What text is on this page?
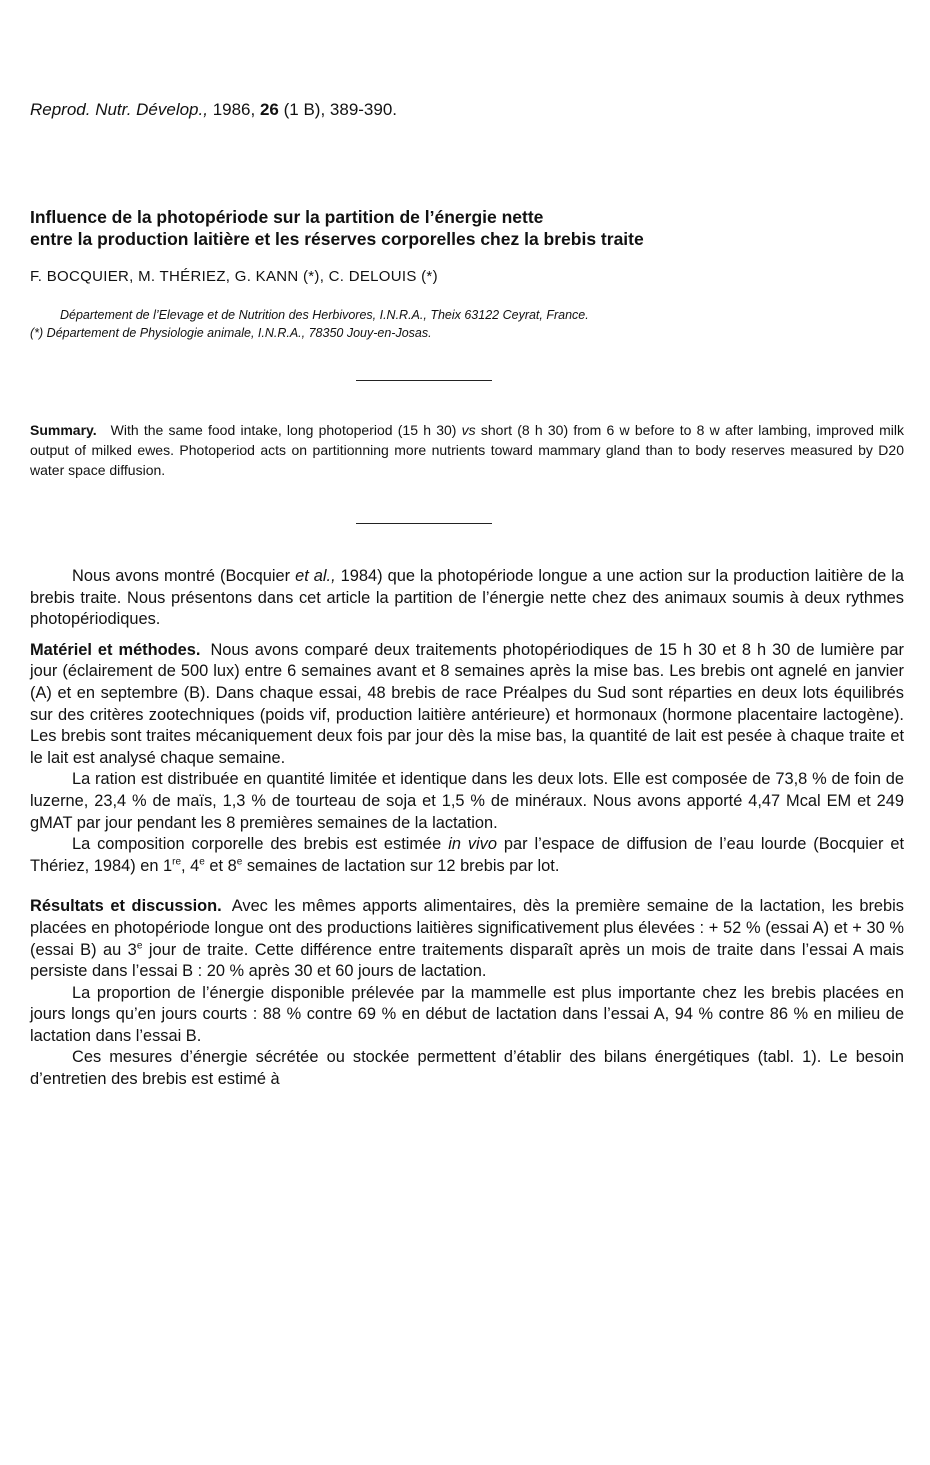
Reprod. Nutr. Dévelop., 1986, 26 (1 B), 389-390.
Influence de la photopériode sur la partition de l’énergie nette
entre la production laitière et les réserves corporelles chez la brebis traite
F. BOCQUIER, M. THÉRIEZ, G. KANN (*), C. DELOUIS (*)
Département de l’Elevage et de Nutrition des Herbivores, I.N.R.A., Theix 63122 Ceyrat, France.
(*) Département de Physiologie animale, I.N.R.A., 78350 Jouy-en-Josas.
Summary. With the same food intake, long photoperiod (15 h 30) vs short (8 h 30) from 6 w before to 8 w after lambing, improved milk output of milked ewes. Photoperiod acts on partitionning more nutrients toward mammary gland than to body reserves measured by D20 water space diffusion.

Nous avons montré (Bocquier et al., 1984) que la photopériode longue a une action sur la production laitière de la brebis traite. Nous présentons dans cet article la partition de l’énergie nette chez des animaux soumis à deux rythmes photopériodiques.

Matériel et méthodes. Nous avons comparé deux traitements photopériodiques de 15 h 30 et 8 h 30 de lumière par jour (éclairement de 500 lux) entre 6 semaines avant et 8 semaines après la mise bas. Les brebis ont agnelé en janvier (A) et en septembre (B). Dans chaque essai, 48 brebis de race Préalpes du Sud sont réparties en deux lots équilibrés sur des critères zootechniques (poids vif, production laitière antérieure) et hormonaux (hormone placentaire lactogène). Les brebis sont traites mécaniquement deux fois par jour dès la mise bas, la quantité de lait est pesée à chaque traite et le lait est analysé chaque semaine.

La ration est distribuée en quantité limitée et identique dans les deux lots. Elle est composée de 73,8 % de foin de luzerne, 23,4 % de maïs, 1,3 % de tourteau de soja et 1,5 % de minéraux. Nous avons apporté 4,47 Mcal EM et 249 gMAT par jour pendant les 8 premières semaines de la lactation.

La composition corporelle des brebis est estimée in vivo par l’espace de diffusion de l’eau lourde (Bocquier et Thériez, 1984) en 1re, 4e et 8e semaines de lactation sur 12 brebis par lot.

Résultats et discussion. Avec les mêmes apports alimentaires, dès la première semaine de la lactation, les brebis placées en photopériode longue ont des productions laitières significativement plus élevées : + 52 % (essai A) et + 30 % (essai B) au 3e jour de traite. Cette différence entre traitements disparaît après un mois de traite dans l’essai A mais persiste dans l’essai B : 20 % après 30 et 60 jours de lactation.

La proportion de l’énergie disponible prélevée par la mammelle est plus importante chez les brebis placées en jours longs qu’en jours courts : 88 % contre 69 % en début de lactation dans l’essai A, 94 % contre 86 % en milieu de lactation dans l’essai B.

Ces mesures d’énergie sécrétée ou stockée permettent d’établir des bilans énergétiques (tabl. 1). Le besoin d’entretien des brebis est estimé à
